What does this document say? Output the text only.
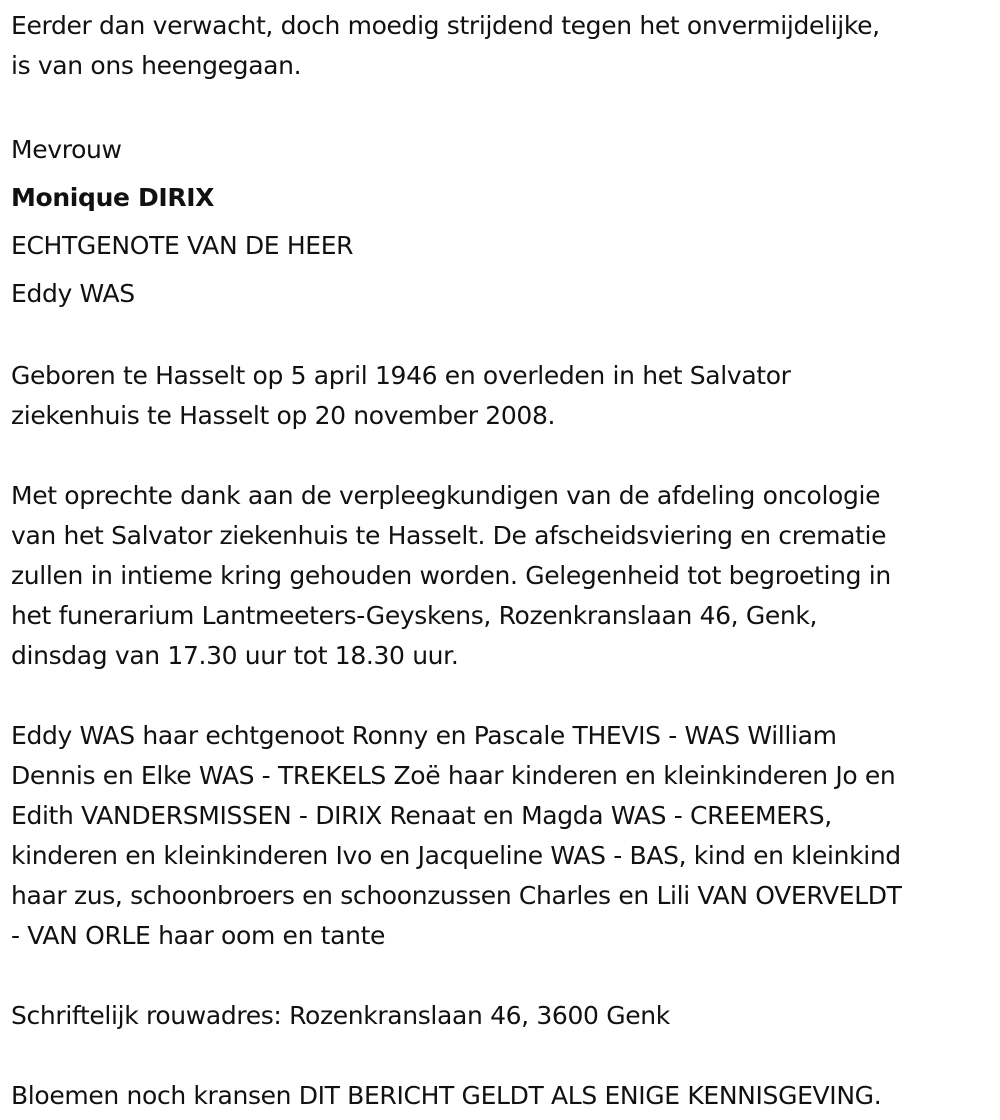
Eerder dan verwacht, doch moedig strijdend tegen het onvermijdelijke,
is van ons heengegaan.
Mevrouw
Monique DIRIX
ECHTGENOTE VAN DE HEER
Eddy WAS
Geboren te Hasselt op 5 april 1946 en overleden in het Salvator
ziekenhuis te Hasselt op 20 november 2008.
Met oprechte dank aan de verpleegkundigen van de afdeling oncologie
van het Salvator ziekenhuis te Hasselt. De afscheidsviering en crematie
zullen in intieme kring gehouden worden. Gelegenheid tot begroeting in
het funerarium Lantmeeters-Geyskens, Rozenkranslaan 46, Genk,
dinsdag van 17.30 uur tot 18.30 uur.
Eddy WAS haar echtgenoot Ronny en Pascale THEVIS - WAS William
Dennis en Elke WAS - TREKELS Zoë haar kinderen en kleinkinderen Jo en
Edith VANDERSMISSEN - DIRIX Renaat en Magda WAS - CREEMERS,
kinderen en kleinkinderen Ivo en Jacqueline WAS - BAS, kind en kleinkind
haar zus, schoonbroers en schoonzussen Charles en Lili VAN OVERVELDT
- VAN ORLE haar oom en tante
Schriftelijk rouwadres: Rozenkranslaan 46, 3600 Genk
Bloemen noch kransen DIT BERICHT GELDT ALS ENIGE KENNISGEVING.
